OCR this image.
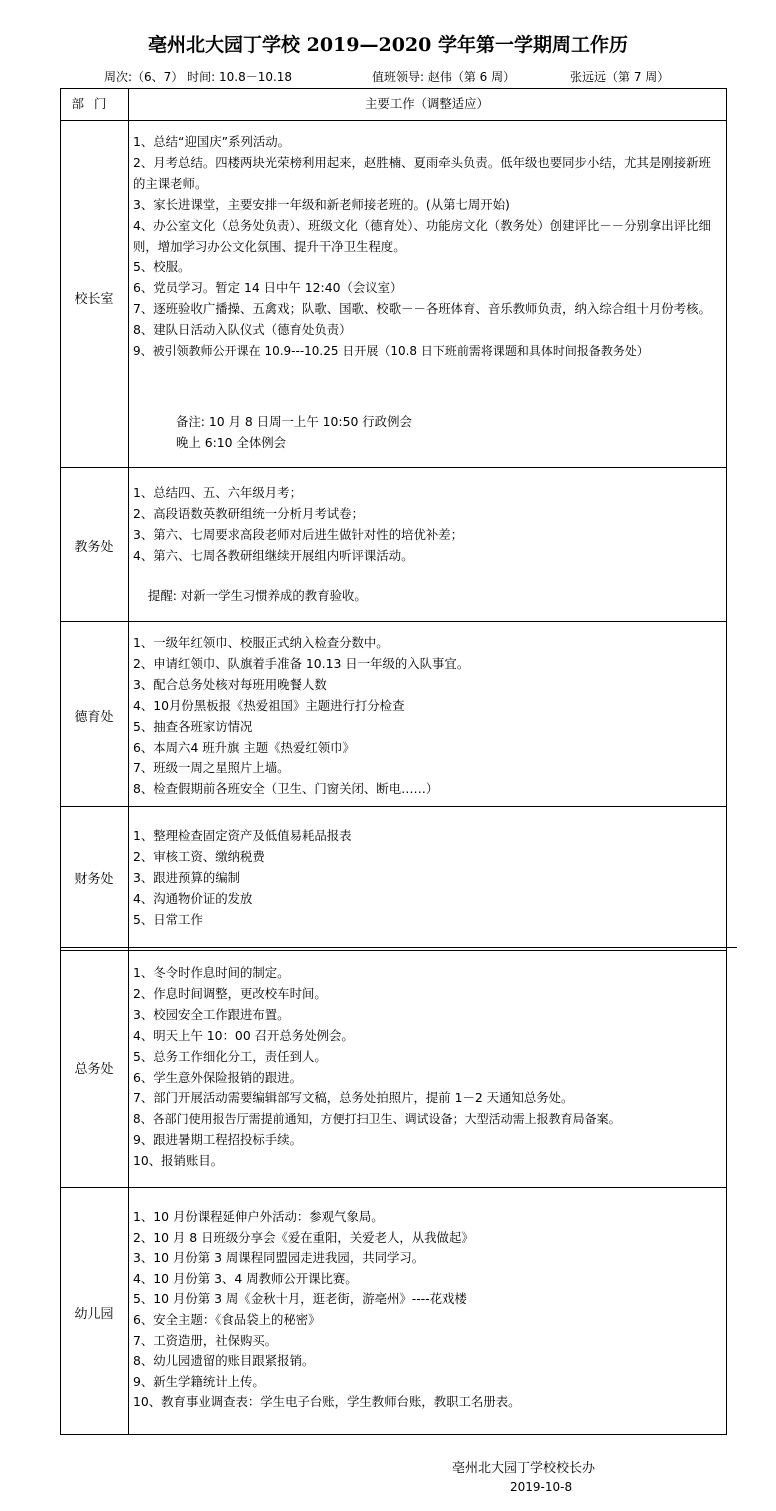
亳州北大园丁学校 2019—2020 学年第一学期周工作历
周次:（6、7） 时间: 10.8－10.18	值班领导: 赵伟（第 6 周）	张远远（第 7 周）
部门	主要工作（调整适应）
校长室
1、总结“迎国庆”系列活动。
2、月考总结。四楼两块光荣榜利用起来，赵胜楠、夏雨牵头负责。低年级也要同步小结，尤其是刚接新班的主课老师。
3、家长进课堂，主要安排一年级和新老师接老班的。(从第七周开始)
4、办公室文化（总务处负责）、班级文化（德育处）、功能房文化（教务处）创建评比－－分别拿出评比细则，增加学习办公文化氛围、提升干净卫生程度。
5、校服。
6、党员学习。暂定 14 日中午 12:40（会议室）
7、逐班验收广播操、五禽戏；队歌、国歌、校歌－－各班体育、音乐教师负责，纳入综合组十月份考核。
8、建队日活动入队仪式（德育处负责）
9、被引领教师公开课在 10.9---10.25 日开展（10.8 日下班前需将课题和具体时间报备教务处）
备注: 10 月 8 日周一上午 10:50 行政例会
晚上 6:10 全体例会
教务处
1、总结四、五、六年级月考；
2、高段语数英教研组统一分析月考试卷；
3、第六、七周要求高段老师对后进生做针对性的培优补差；
4、第六、七周各教研组继续开展组内听评课活动。
提醒: 对新一学生习惯养成的教育验收。
德育处
1、一级年红领巾、校服正式纳入检查分数中。
2、申请红领巾、队旗着手准备 10.13 日一年级的入队事宜。
3、配合总务处核对每班用晚餐人数
4、10月份黑板报《热爱祖国》主题进行打分检查
5、抽查各班家访情况
6、本周六4 班升旗 主题《热爱红领巾》
7、班级一周之星照片上墙。
8、检查假期前各班安全（卫生、门窗关闭、断电……）
财务处
1、整理检查固定资产及低值易耗品报表
2、审核工资、缴纳税费
3、跟进预算的编制
4、沟通物价证的发放
5、日常工作
总务处
1、冬令时作息时间的制定。
2、作息时间调整，更改校车时间。
3、校园安全工作跟进布置。
4、明天上午 10：00 召开总务处例会。
5、总务工作细化分工，责任到人。
6、学生意外保险报销的跟进。
7、部门开展活动需要编辑部写文稿，总务处拍照片，提前 1－2 天通知总务处。
8、各部门使用报告厅需提前通知，方便打扫卫生、调试设备；大型活动需上报教育局备案。
9、跟进暑期工程招投标手续。
10、报销账目。
幼儿园
1、10 月份课程延伸户外活动：参观气象局。
2、10 月 8 日班级分享会《爱在重阳，关爱老人，从我做起》
3、10 月份第 3 周课程同盟园走进我园，共同学习。
4、10 月份第 3、4 周教师公开课比赛。
5、10 月份第 3 周《金秋十月，逛老街，游亳州》----花戏楼
6、安全主题：《食品袋上的秘密》
7、工资造册，社保购买。
8、幼儿园遗留的账目跟紧报销。
9、新生学籍统计上传。
10、教育事业调查表：学生电子台账，学生教师台账，教职工名册表。
亳州北大园丁学校校长办
2019-10-8
